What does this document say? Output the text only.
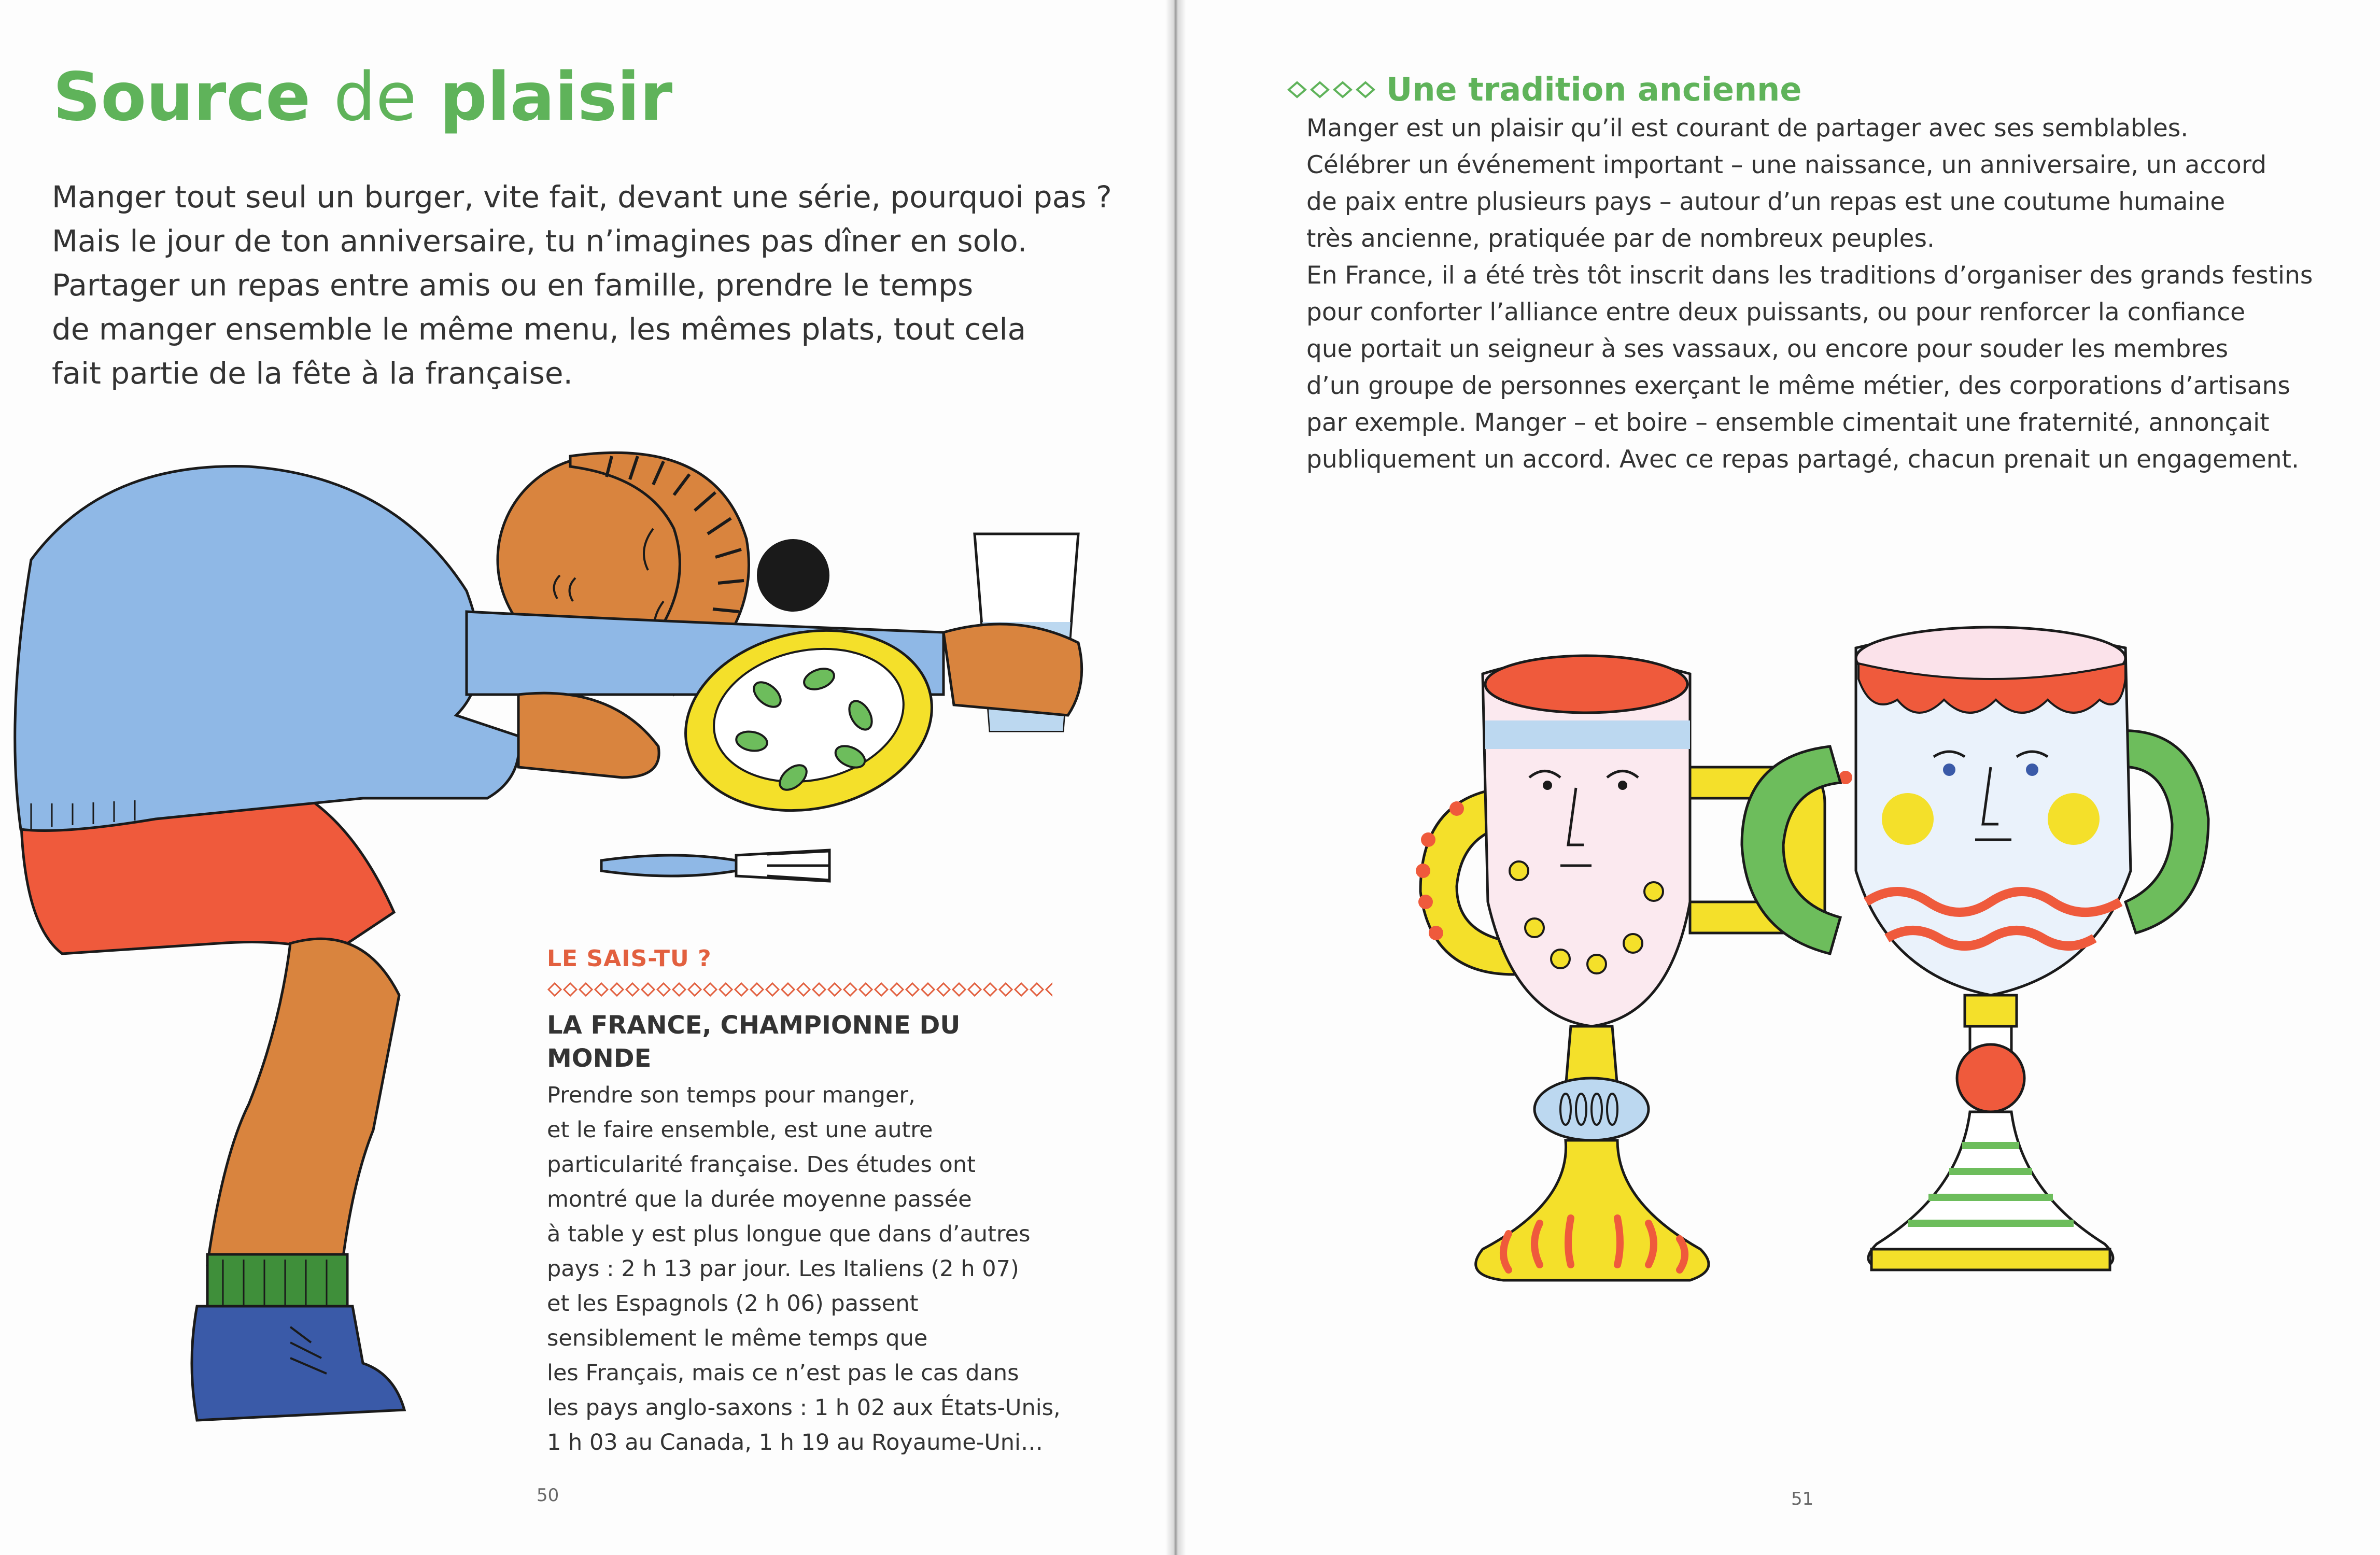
Source de plaisir

Manger tout seul un burger, vite fait, devant une série, pourquoi pas ?
Mais le jour de ton anniversaire, tu n’imagines pas dîner en solo.
Partager un repas entre amis ou en famille, prendre le temps
de manger ensemble le même menu, les mêmes plats, tout cela
fait partie de la fête à la française.

LE SAIS-TU ?

LA FRANCE, CHAMPIONNE DU MONDE

Prendre son temps pour manger,
et le faire ensemble, est une autre
particularité française. Des études ont
montré que la durée moyenne passée
à table y est plus longue que dans d’autres
pays : 2 h 13 par jour. Les Italiens (2 h 07)
et les Espagnols (2 h 06) passent
sensiblement le même temps que
les Français, mais ce n’est pas le cas dans
les pays anglo-saxons : 1 h 02 aux États-Unis,
1 h 03 au Canada, 1 h 19 au Royaume-Uni…

50
Une tradition ancienne

Manger est un plaisir qu’il est courant de partager avec ses semblables.
Célébrer un événement important – une naissance, un anniversaire, un accord
de paix entre plusieurs pays – autour d’un repas est une coutume humaine
très ancienne, pratiquée par de nombreux peuples.
En France, il a été très tôt inscrit dans les traditions d’organiser des grands festins
pour conforter l’alliance entre deux puissants, ou pour renforcer la confiance
que portait un seigneur à ses vassaux, ou encore pour souder les membres
d’un groupe de personnes exerçant le même métier, des corporations d’artisans
par exemple. Manger – et boire – ensemble cimentait une fraternité, annonçait
publiquement un accord. Avec ce repas partagé, chacun prenait un engagement.

51
